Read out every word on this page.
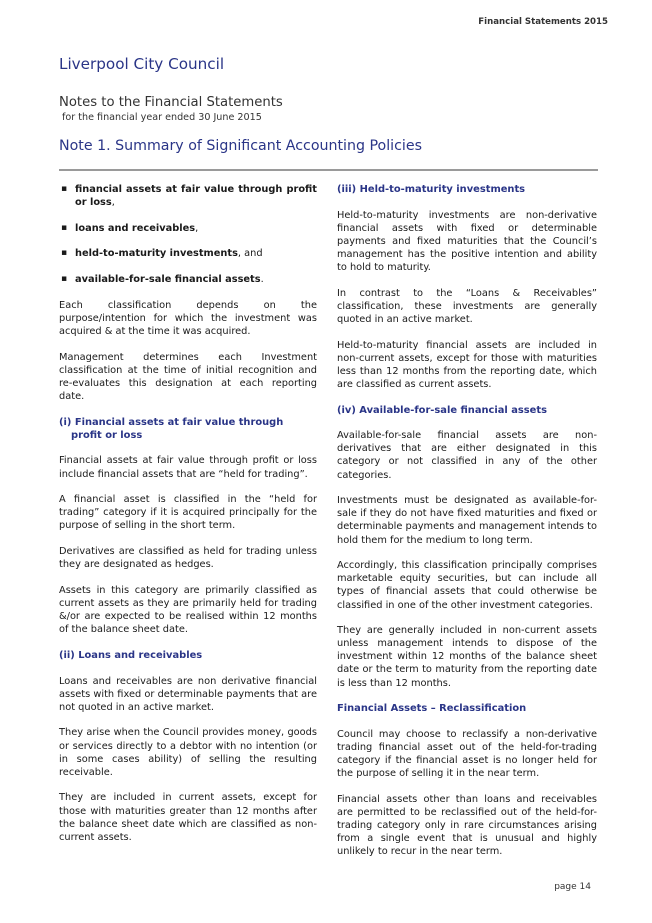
Financial Statements 2015
Liverpool City Council
Notes to the Financial Statements
for the financial year ended 30 June 2015
Note 1. Summary of Significant Accounting Policies
▪ financial assets at fair value through profit or loss,
▪ loans and receivables,
▪ held-to-maturity investments, and
▪ available-for-sale financial assets.

Each classification depends on the purpose/intention for which the investment was acquired & at the time it was acquired.

Management determines each Investment classification at the time of initial recognition and re-evaluates this designation at each reporting date.

(i) Financial assets at fair value through profit or loss

Financial assets at fair value through profit or loss include financial assets that are “held for trading”.

A financial asset is classified in the “held for trading” category if it is acquired principally for the purpose of selling in the short term.

Derivatives are classified as held for trading unless they are designated as hedges.

Assets in this category are primarily classified as current assets as they are primarily held for trading &/or are expected to be realised within 12 months of the balance sheet date.

(ii) Loans and receivables

Loans and receivables are non derivative financial assets with fixed or determinable payments that are not quoted in an active market.

They arise when the Council provides money, goods or services directly to a debtor with no intention (or in some cases ability) of selling the resulting receivable.

They are included in current assets, except for those with maturities greater than 12 months after the balance sheet date which are classified as non-current assets.

(iii) Held-to-maturity investments

Held-to-maturity investments are non-derivative financial assets with fixed or determinable payments and fixed maturities that the Council’s management has the positive intention and ability to hold to maturity.

In contrast to the “Loans & Receivables” classification, these investments are generally quoted in an active market.

Held-to-maturity financial assets are included in non-current assets, except for those with maturities less than 12 months from the reporting date, which are classified as current assets.

(iv) Available-for-sale financial assets

Available-for-sale financial assets are non-derivatives that are either designated in this category or not classified in any of the other categories.

Investments must be designated as available-for-sale if they do not have fixed maturities and fixed or determinable payments and management intends to hold them for the medium to long term.

Accordingly, this classification principally comprises marketable equity securities, but can include all types of financial assets that could otherwise be classified in one of the other investment categories.

They are generally included in non-current assets unless management intends to dispose of the investment within 12 months of the balance sheet date or the term to maturity from the reporting date is less than 12 months.

Financial Assets – Reclassification

Council may choose to reclassify a non-derivative trading financial asset out of the held-for-trading category if the financial asset is no longer held for the purpose of selling it in the near term.

Financial assets other than loans and receivables are permitted to be reclassified out of the held-for-trading category only in rare circumstances arising from a single event that is unusual and highly unlikely to recur in the near term.

page 14
